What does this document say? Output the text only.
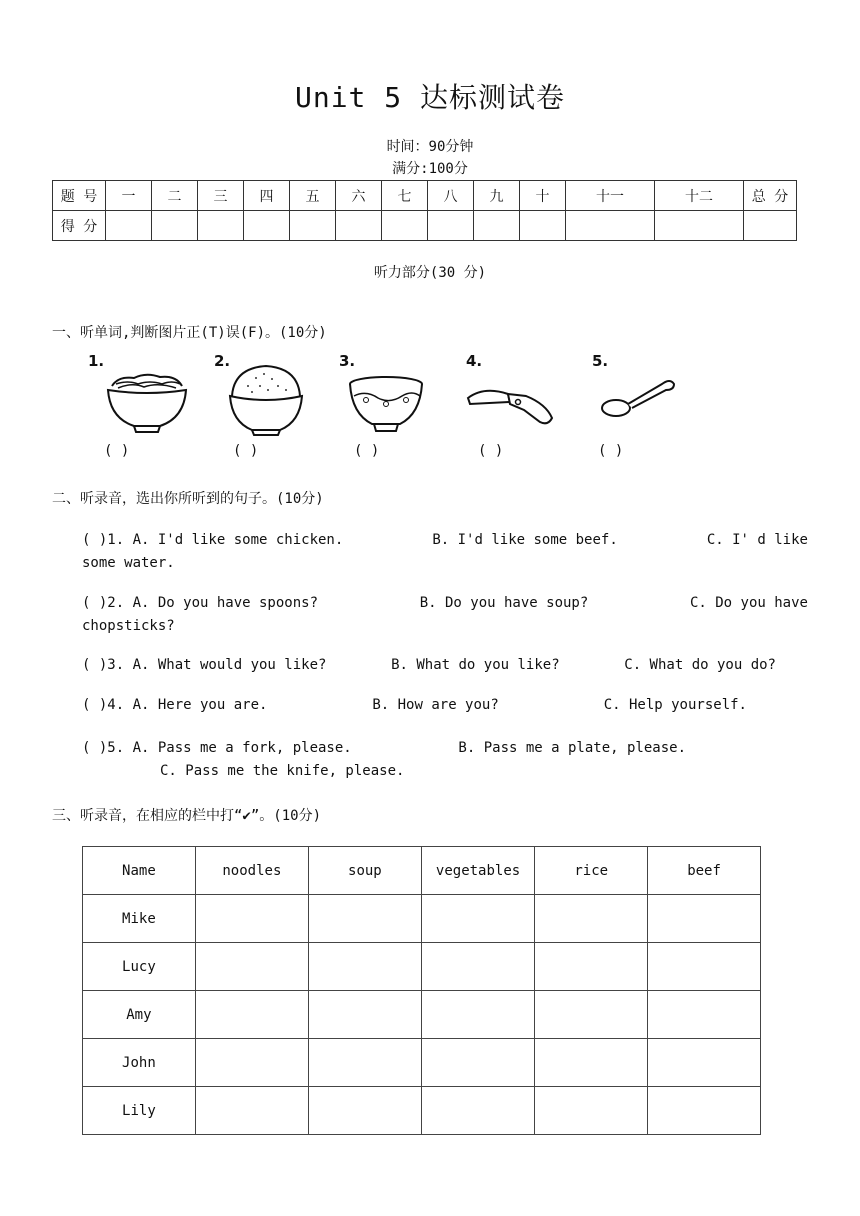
Unit 5 达标测试卷
时间：90分钟
满分:100分
题 号	一	二	三	四	五	六	七	八	九	十	十一	十二	总 分
得 分													
听力部分(30 分)
一、听单词,判断图片正(T)误(F)。(10分)
1.	2.	3.	4.	5.
( )	( )	( )	( )	( )
二、听录音，选出你所听到的句子。(10分)
( )1. A. I'd like some chicken.	B. I'd like some beef.	C. I' d like
some water.
( )2. A. Do you have spoons?	B. Do you have soup?	C. Do you have
chopsticks?
( )3. A. What would you like?	B. What do you like?	C. What do you do?
( )4. A. Here you are.	B. How are you?	C. Help yourself.
( )5. A. Pass me a fork, please.	B. Pass me a plate, please.
C. Pass me the knife, please.
三、听录音，在相应的栏中打“✔”。(10分)
Name	noodles	soup	vegetables	rice	beef
Mike					
Lucy					
Amy					
John					
Lily					
